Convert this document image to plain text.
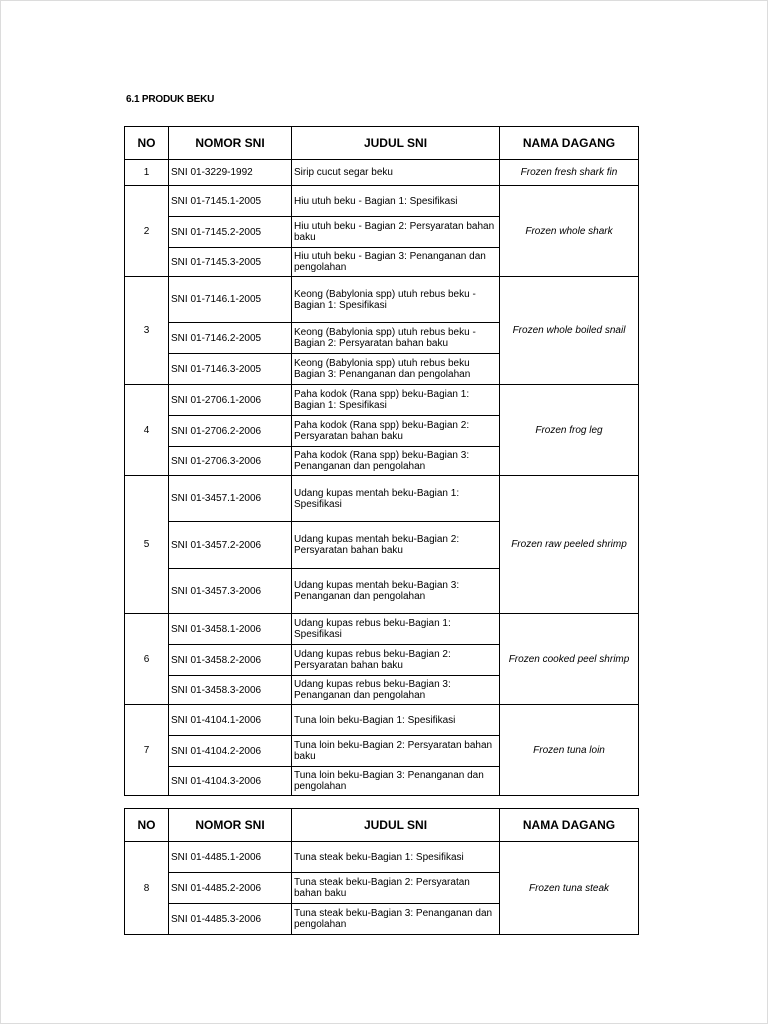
6.1 PRODUK BEKU
NO	NOMOR SNI	JUDUL SNI	NAMA DAGANG
1	SNI 01-3229-1992	Sirip cucut segar beku	Frozen fresh shark fin
2	SNI 01-7145.1-2005	Hiu utuh beku - Bagian 1: Spesifikasi	Frozen whole shark
	SNI 01-7145.2-2005	Hiu utuh beku - Bagian 2: Persyaratan bahan baku	
	SNI 01-7145.3-2005	Hiu utuh beku - Bagian 3: Penanganan dan pengolahan	
3	SNI 01-7146.1-2005	Keong (Babylonia spp) utuh rebus beku - Bagian 1: Spesifikasi	Frozen whole boiled snail
	SNI 01-7146.2-2005	Keong (Babylonia spp) utuh rebus beku - Bagian 2: Persyaratan bahan baku	
	SNI 01-7146.3-2005	Keong (Babylonia spp) utuh rebus beku Bagian 3: Penanganan dan pengolahan	
4	SNI 01-2706.1-2006	Paha kodok (Rana spp) beku-Bagian 1: Bagian 1: Spesifikasi	Frozen frog leg
	SNI 01-2706.2-2006	Paha kodok (Rana spp) beku-Bagian 2: Persyaratan bahan baku	
	SNI 01-2706.3-2006	Paha kodok (Rana spp) beku-Bagian 3: Penanganan dan pengolahan	
5	SNI 01-3457.1-2006	Udang kupas mentah beku-Bagian 1: Spesifikasi	Frozen raw peeled shrimp
	SNI 01-3457.2-2006	Udang kupas mentah beku-Bagian 2: Persyaratan bahan baku	
	SNI 01-3457.3-2006	Udang kupas mentah beku-Bagian 3: Penanganan dan pengolahan	
6	SNI 01-3458.1-2006	Udang kupas rebus beku-Bagian 1: Spesifikasi	Frozen cooked peel shrimp
	SNI 01-3458.2-2006	Udang kupas rebus beku-Bagian 2: Persyaratan bahan baku	
	SNI 01-3458.3-2006	Udang kupas rebus beku-Bagian 3: Penanganan dan pengolahan	
7	SNI 01-4104.1-2006	Tuna loin beku-Bagian 1: Spesifikasi	Frozen tuna loin
	SNI 01-4104.2-2006	Tuna loin beku-Bagian 2: Persyaratan bahan baku	
	SNI 01-4104.3-2006	Tuna loin beku-Bagian 3: Penanganan dan pengolahan	
NO	NOMOR SNI	JUDUL SNI	NAMA DAGANG
8	SNI 01-4485.1-2006	Tuna steak beku-Bagian 1: Spesifikasi	Frozen tuna steak
	SNI 01-4485.2-2006	Tuna steak beku-Bagian 2: Persyaratan bahan baku	
	SNI 01-4485.3-2006	Tuna steak beku-Bagian 3: Penanganan dan pengolahan	
